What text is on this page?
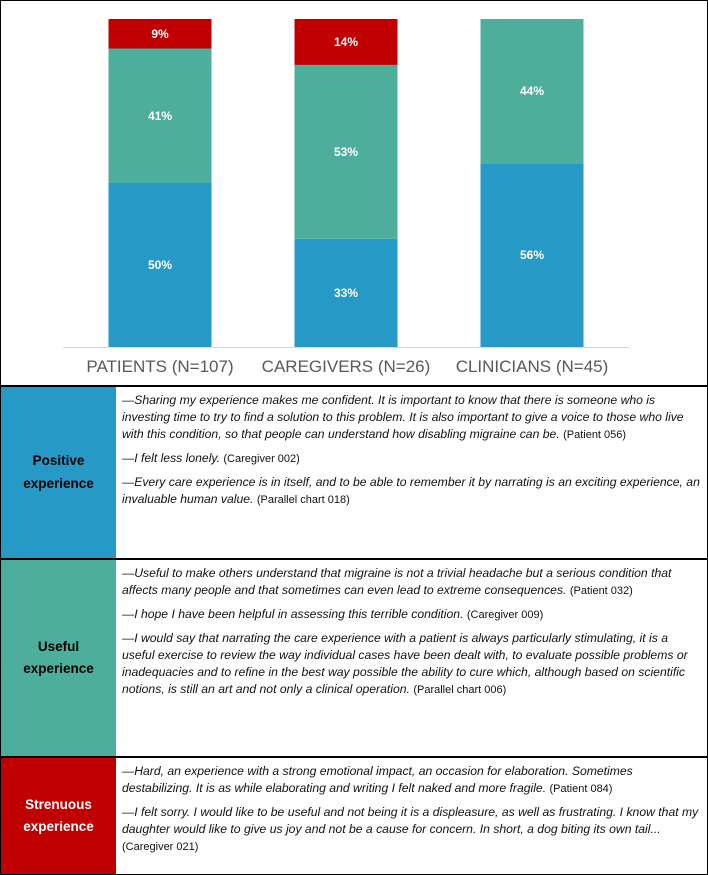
50%
41%
9%
PATIENTS (N=107)
33%
53%
14%
CAREGIVERS (N=26)
56%
44%
CLINICIANS (N=45)
Positive
experience

—Sharing my experience makes me confident. It is important to know that there is someone who is investing time to try to find a solution to this problem. It is also important to give a voice to those who live with this condition, so that people can understand how disabling migraine can be. (Patient 056)

—I felt less lonely. (Caregiver 002)

—Every care experience is in itself, and to be able to remember it by narrating is an exciting experience, an invaluable human value. (Parallel chart 018)

Useful
experience

—Useful to make others understand that migraine is not a trivial headache but a serious condition that affects many people and that sometimes can even lead to extreme consequences. (Patient 032)

—I hope I have been helpful in assessing this terrible condition. (Caregiver 009)

—I would say that narrating the care experience with a patient is always particularly stimulating, it is a useful exercise to review the way individual cases have been dealt with, to evaluate possible problems or inadequacies and to refine in the best way possible the ability to cure which, although based on scientific notions, is still an art and not only a clinical operation. (Parallel chart 006)

Strenuous
experience

—Hard, an experience with a strong emotional impact, an occasion for elaboration. Sometimes destabilizing. It is as while elaborating and writing I felt naked and more fragile. (Patient 084)

—I felt sorry. I would like to be useful and not being it is a displeasure, as well as frustrating. I know that my daughter would like to give us joy and not be a cause for concern. In short, a dog biting its own tail... (Caregiver 021)
